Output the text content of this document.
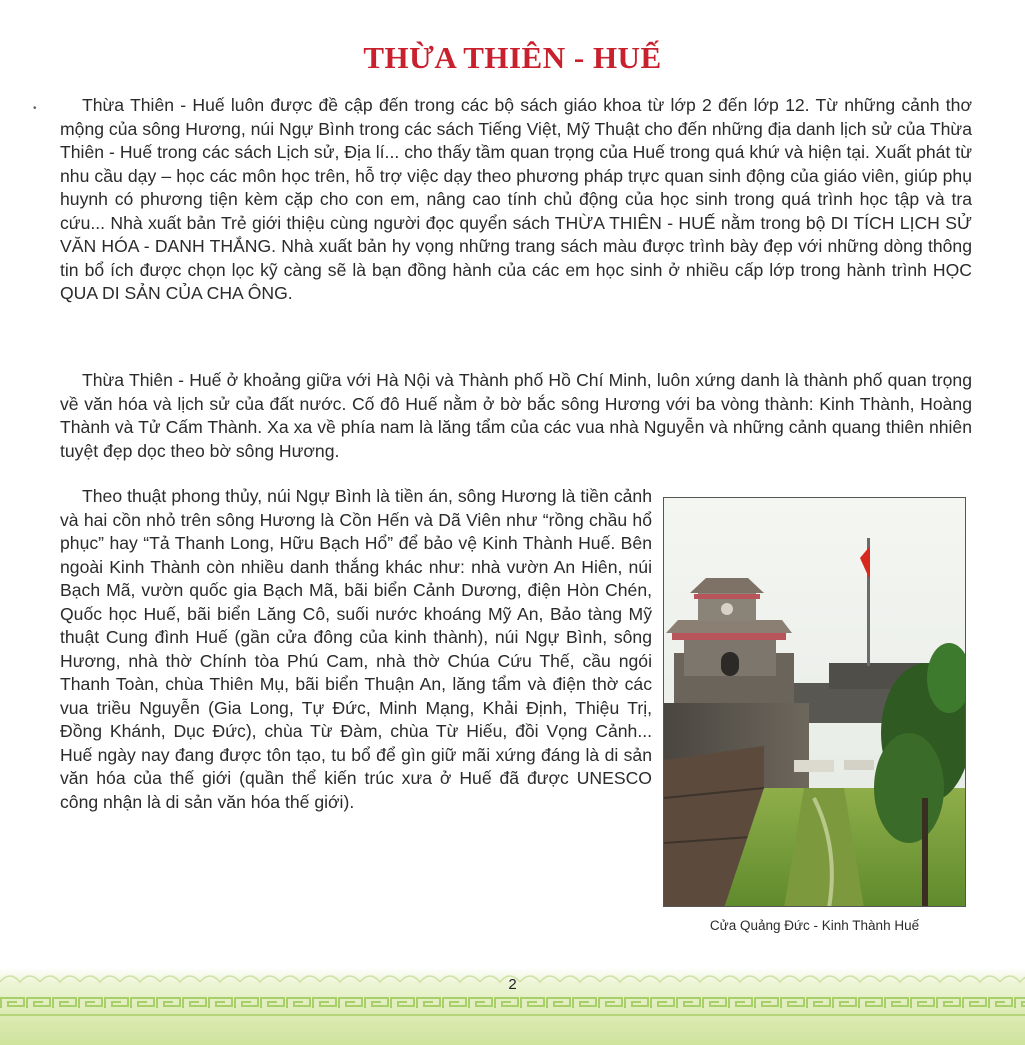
•
THỪA THIÊN - HUẾ

Thừa Thiên - Huế luôn được đề cập đến trong các bộ sách giáo khoa từ lớp 2 đến lớp 12. Từ những cảnh thơ mộng của sông Hương, núi Ngự Bình trong các sách Tiếng Việt, Mỹ Thuật cho đến những địa danh lịch sử của Thừa Thiên - Huế trong các sách Lịch sử, Địa lí... cho thấy tầm quan trọng của Huế trong quá khứ và hiện tại. Xuất phát từ nhu cầu dạy – học các môn học trên, hỗ trợ việc dạy theo phương pháp trực quan sinh động của giáo viên, giúp phụ huynh có phương tiện kèm cặp cho con em, nâng cao tính chủ động của học sinh trong quá trình học tập và tra cứu... Nhà xuất bản Trẻ giới thiệu cùng người đọc quyển sách THỪA THIÊN - HUẾ nằm trong bộ DI TÍCH LỊCH SỬ VĂN HÓA - DANH THẮNG. Nhà xuất bản hy vọng những trang sách màu được trình bày đẹp với những dòng thông tin bổ ích được chọn lọc kỹ càng sẽ là bạn đồng hành của các em học sinh ở nhiều cấp lớp trong hành trình HỌC QUA DI SẢN CỦA CHA ÔNG.

Thừa Thiên - Huế ở khoảng giữa với Hà Nội và Thành phố Hồ Chí Minh, luôn xứng danh là thành phố quan trọng về văn hóa và lịch sử của đất nước. Cố đô Huế nằm ở bờ bắc sông Hương với ba vòng thành: Kinh Thành, Hoàng Thành và Tử Cấm Thành. Xa xa về phía nam là lăng tẩm của các vua nhà Nguyễn và những cảnh quang thiên nhiên tuyệt đẹp dọc theo bờ sông Hương.

Theo thuật phong thủy, núi Ngự Bình là tiền án, sông Hương là tiền cảnh và hai cồn nhỏ trên sông Hương là Cồn Hến và Dã Viên như “rồng chầu hổ phục” hay “Tả Thanh Long, Hữu Bạch Hổ” để bảo vệ Kinh Thành Huế. Bên ngoài Kinh Thành còn nhiều danh thắng khác như: nhà vườn An Hiên, núi Bạch Mã, vườn quốc gia Bạch Mã, bãi biển Cảnh Dương, điện Hòn Chén, Quốc học Huế, bãi biển Lăng Cô, suối nước khoáng Mỹ An, Bảo tàng Mỹ thuật Cung đình Huế (gần cửa đông của kinh thành), núi Ngự Bình, sông Hương, nhà thờ Chính tòa Phú Cam, nhà thờ Chúa Cứu Thế, cầu ngói Thanh Toàn, chùa Thiên Mụ, bãi biển Thuận An, lăng tẩm và điện thờ các vua triều Nguyễn (Gia Long, Tự Đức, Minh Mạng, Khải Định, Thiệu Trị, Đồng Khánh, Dục Đức), chùa Từ Đàm, chùa Từ Hiếu, đồi Vọng Cảnh... Huế ngày nay đang được tôn tạo, tu bổ để gìn giữ mãi xứng đáng là di sản văn hóa của thế giới (quần thể kiến trúc xưa ở Huế đã được UNESCO công nhận là di sản văn hóa thế giới).

Cửa Quảng Đức - Kinh Thành Huế
2
